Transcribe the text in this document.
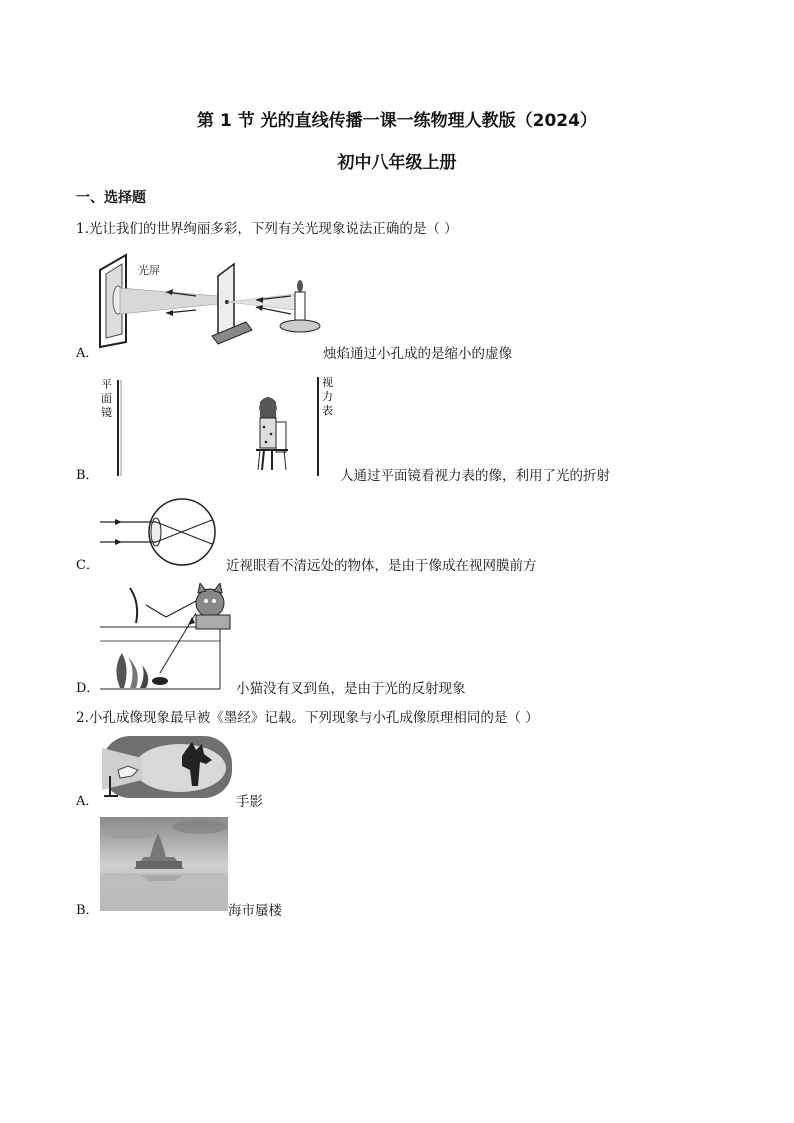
第 1 节 光的直线传播一课一练物理人教版（2024）
初中八年级上册
一、选择题
1.光让我们的世界绚丽多彩，下列有关光现象说法正确的是（ ）
A．
光屏
烛焰通过小孔成的是缩小的虚像
B．
平
面
镜
视
力
表
人通过平面镜看视力表的像，利用了光的折射
C．	近视眼看不清远处的物体，是由于像成在视网膜前方
D．	小猫没有叉到鱼，是由于光的反射现象
2.小孔成像现象最早被《墨经》记载。下列现象与小孔成像原理相同的是（ ）
A．	手影
B．	海市蜃楼
